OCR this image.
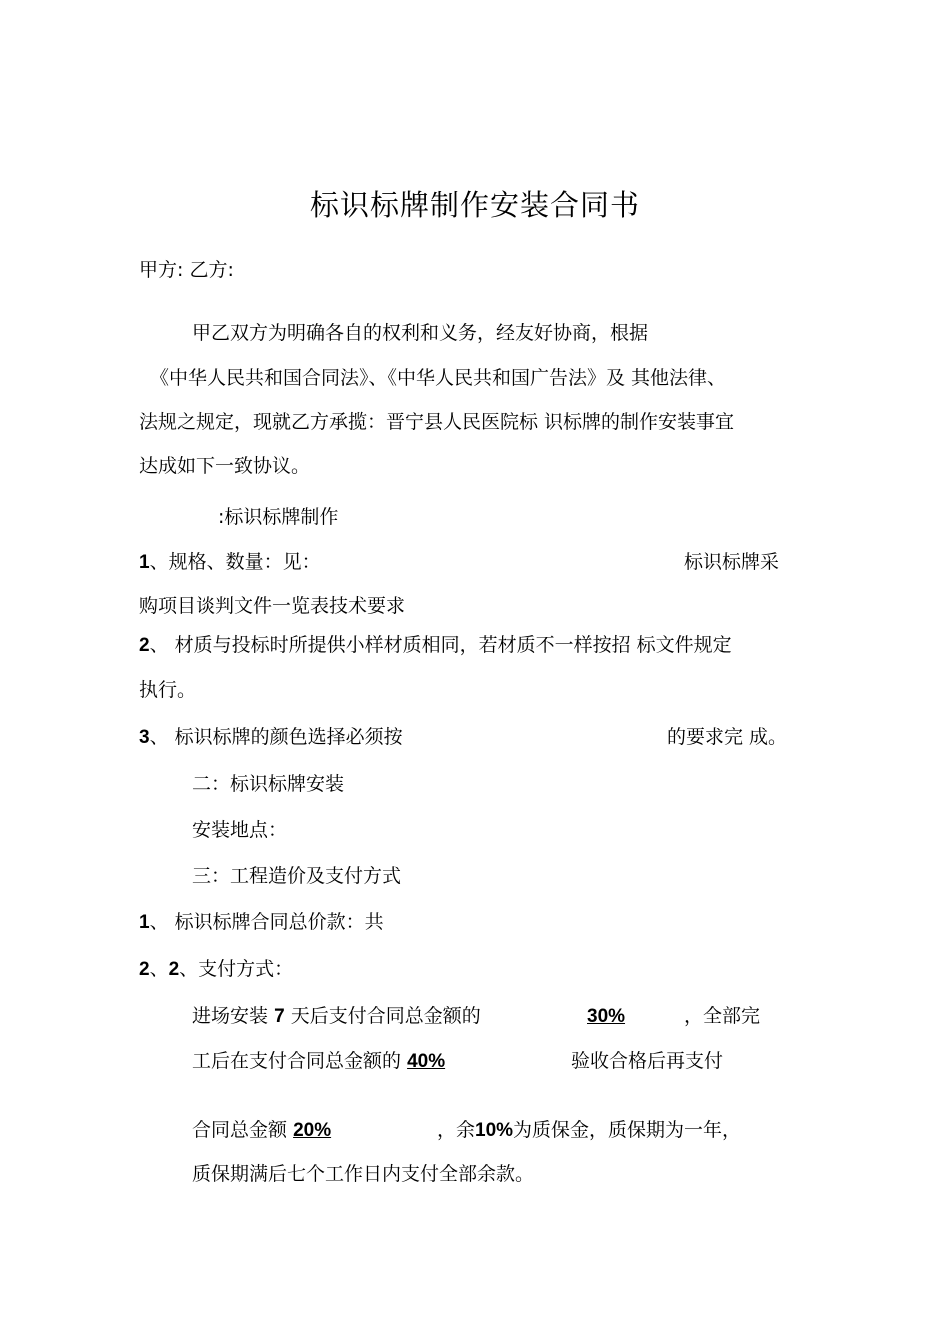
标识标牌制作安装合同书
甲方: 乙方:
甲乙双方为明确各自的权利和义务，经友好协商，根据
《中华人民共和国合同法》、《中华人民共和国广告法》及 其他法律、
法规之规定，现就乙方承揽：晋宁县人民医院标 识标牌的制作安装事宜
达成如下一致协议。
:标识标牌制作
1、规格、数量：见：	标识标牌采
购项目谈判文件一览表技术要求
2、 材质与投标时所提供小样材质相同，若材质不一样按招 标文件规定
执行。
3、 标识标牌的颜色选择必须按	的要求完 成。
二：标识标牌安装
安装地点：
三：工程造价及支付方式
1、 标识标牌合同总价款：共
2、2、支付方式：
进场安装 7 天后支付合同总金额的	30%	，全部完
工后在支付合同总金额的 40%	验收合格后再支付
合同总金额 20%	，余10%为质保金，质保期为一年，
质保期满后七个工作日内支付全部余款。
